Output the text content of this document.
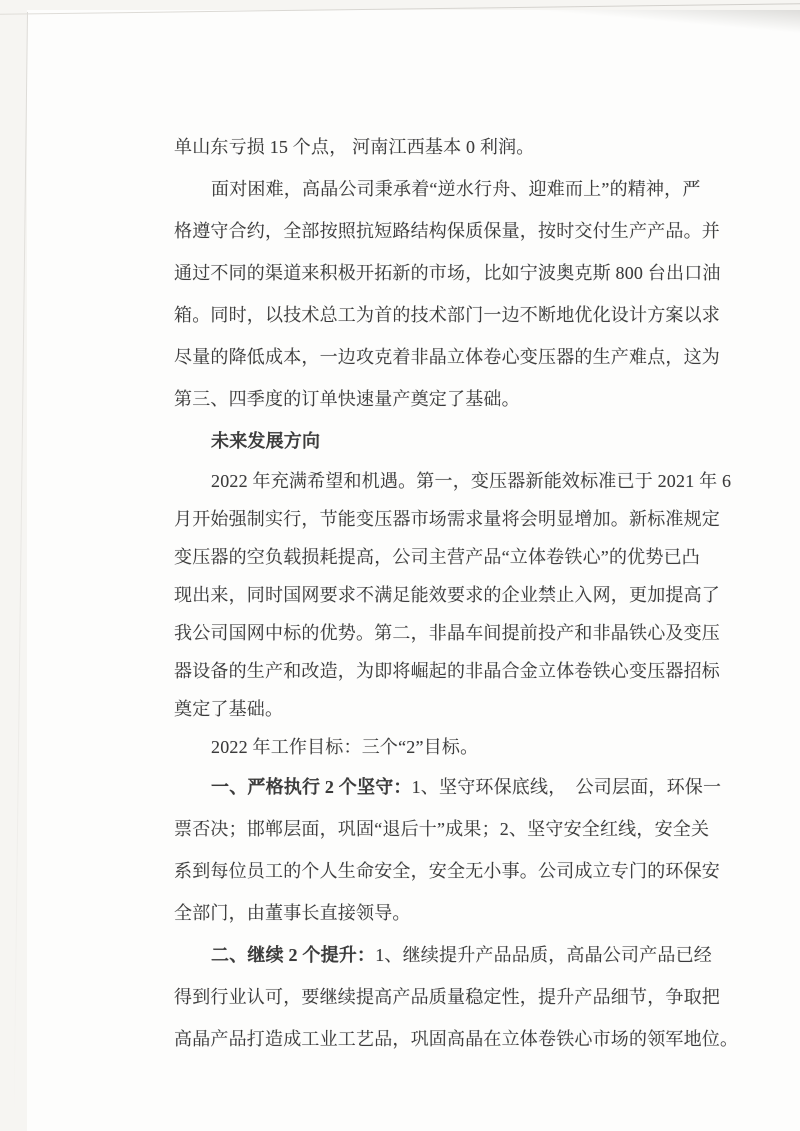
单山东亏损 15 个点， 河南江西基本 0 利润。
面对困难，高晶公司秉承着“逆水行舟、迎难而上”的精神，严
格遵守合约，全部按照抗短路结构保质保量，按时交付生产产品。并
通过不同的渠道来积极开拓新的市场，比如宁波奥克斯 800 台出口油
箱。同时，以技术总工为首的技术部门一边不断地优化设计方案以求
尽量的降低成本，一边攻克着非晶立体卷心变压器的生产难点，这为
第三、四季度的订单快速量产奠定了基础。
未来发展方向
2022 年充满希望和机遇。第一，变压器新能效标准已于 2021 年 6
月开始强制实行，节能变压器市场需求量将会明显增加。新标准规定
变压器的空负载损耗提高，公司主营产品“立体卷铁心”的优势已凸
现出来，同时国网要求不满足能效要求的企业禁止入网，更加提高了
我公司国网中标的优势。第二，非晶车间提前投产和非晶铁心及变压
器设备的生产和改造，为即将崛起的非晶合金立体卷铁心变压器招标
奠定了基础。
2022 年工作目标：三个“2”目标。
一、严格执行 2 个坚守：1、坚守环保底线，　公司层面，环保一
票否决；邯郸层面，巩固“退后十”成果；2、坚守安全红线，安全关
系到每位员工的个人生命安全，安全无小事。公司成立专门的环保安
全部门，由董事长直接领导。
二、继续 2 个提升：1、继续提升产品品质，高晶公司产品已经
得到行业认可，要继续提高产品质量稳定性，提升产品细节，争取把
高晶产品打造成工业工艺品，巩固高晶在立体卷铁心市场的领军地位。
